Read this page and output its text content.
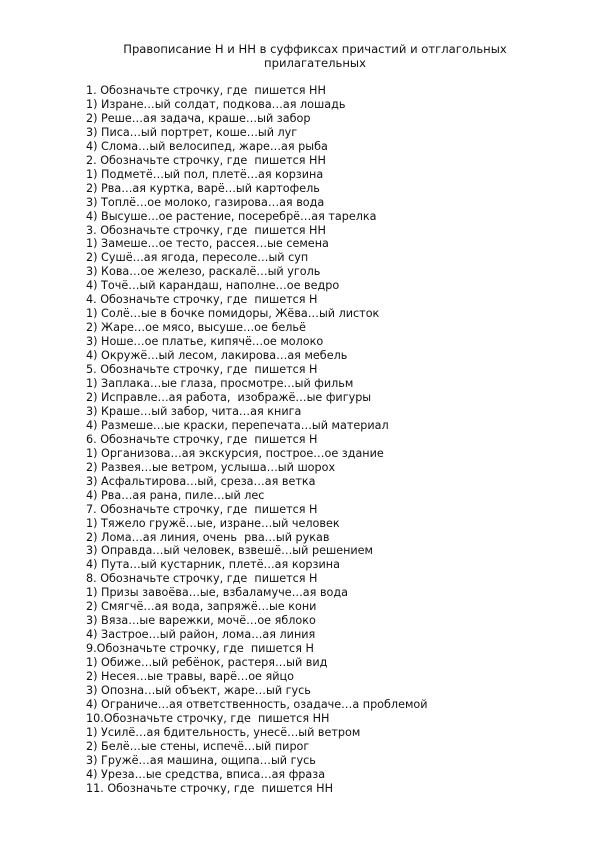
Правописание Н и НН в суффиксах причастий и отглагольных прилагательных
1. Обозначьте строчку, где  пишется НН
1) Изране…ый солдат, подкова…ая лошадь
2) Реше…ая задача, краше…ый забор
3) Писа…ый портрет, коше…ый луг
4) Слома…ый велосипед, жаре…ая рыба
2. Обозначьте строчку, где  пишется НН
1) Подметё…ый пол, плетё…ая корзина
2) Рва…ая куртка, варё…ый картофель
3) Топлё…ое молоко, газирова…ая вода
4) Высуше…ое растение, посеребрё…ая тарелка
3. Обозначьте строчку, где  пишется НН
1) Замеше…ое тесто, рассея…ые семена
2) Сушё…ая ягода, пересоле…ый суп
3) Кова…ое железо, раскалё…ый уголь
4) Точё…ый карандаш, наполне…ое ведро
4. Обозначьте строчку, где  пишется Н
1) Солё…ые в бочке помидоры, Жёва…ый листок
2) Жаре…ое мясо, высуше…ое бельё
3) Ноше…ое платье, кипячё…ое молоко
4) Окружё…ый лесом, лакирова…ая мебель
5. Обозначьте строчку, где  пишется Н
1) Заплака…ые глаза, просмотре…ый фильм
2) Исправле…ая работа,  изображё…ые фигуры
3) Краше…ый забор, чита…ая книга
4) Размеше…ые краски, перепечата…ый материал
6. Обозначьте строчку, где  пишется Н
1) Организова…ая экскурсия, построе…ое здание
2) Развея…ые ветром, услыша…ый шорох
3) Асфальтирова…ый, среза…ая ветка
4) Рва…ая рана, пиле…ый лес
7. Обозначьте строчку, где  пишется Н
1) Тяжело гружё…ые, изране…ый человек
2) Лома…ая линия, очень  рва…ый рукав
3) Оправда…ый человек, взвешё…ый решением
4) Пута…ый кустарник, плетё…ая корзина
8. Обозначьте строчку, где  пишется Н
1) Призы завоёва…ые, взбаламуче…ая вода
2) Смягчё…ая вода, запряжё…ые кони
3) Вяза…ые варежки, мочё…ое яблоко
4) Застрое…ый район, лома…ая линия
9.Обозначьте строчку, где  пишется Н
1) Обиже…ый ребёнок, растеря…ый вид
2) Несея…ые травы, варё…ое яйцо
3) Опозна…ый объект, жаре…ый гусь
4) Ограниче…ая ответственность, озадаче…а проблемой
10.Обозначьте строчку, где  пишется НН
1) Усилё…ая бдительность, унесё…ый ветром
2) Белё…ые стены, испечё…ый пирог
3) Гружё…ая машина, ощипа…ый гусь
4) Уреза…ые средства, вписа…ая фраза
11. Обозначьте строчку, где  пишется НН
